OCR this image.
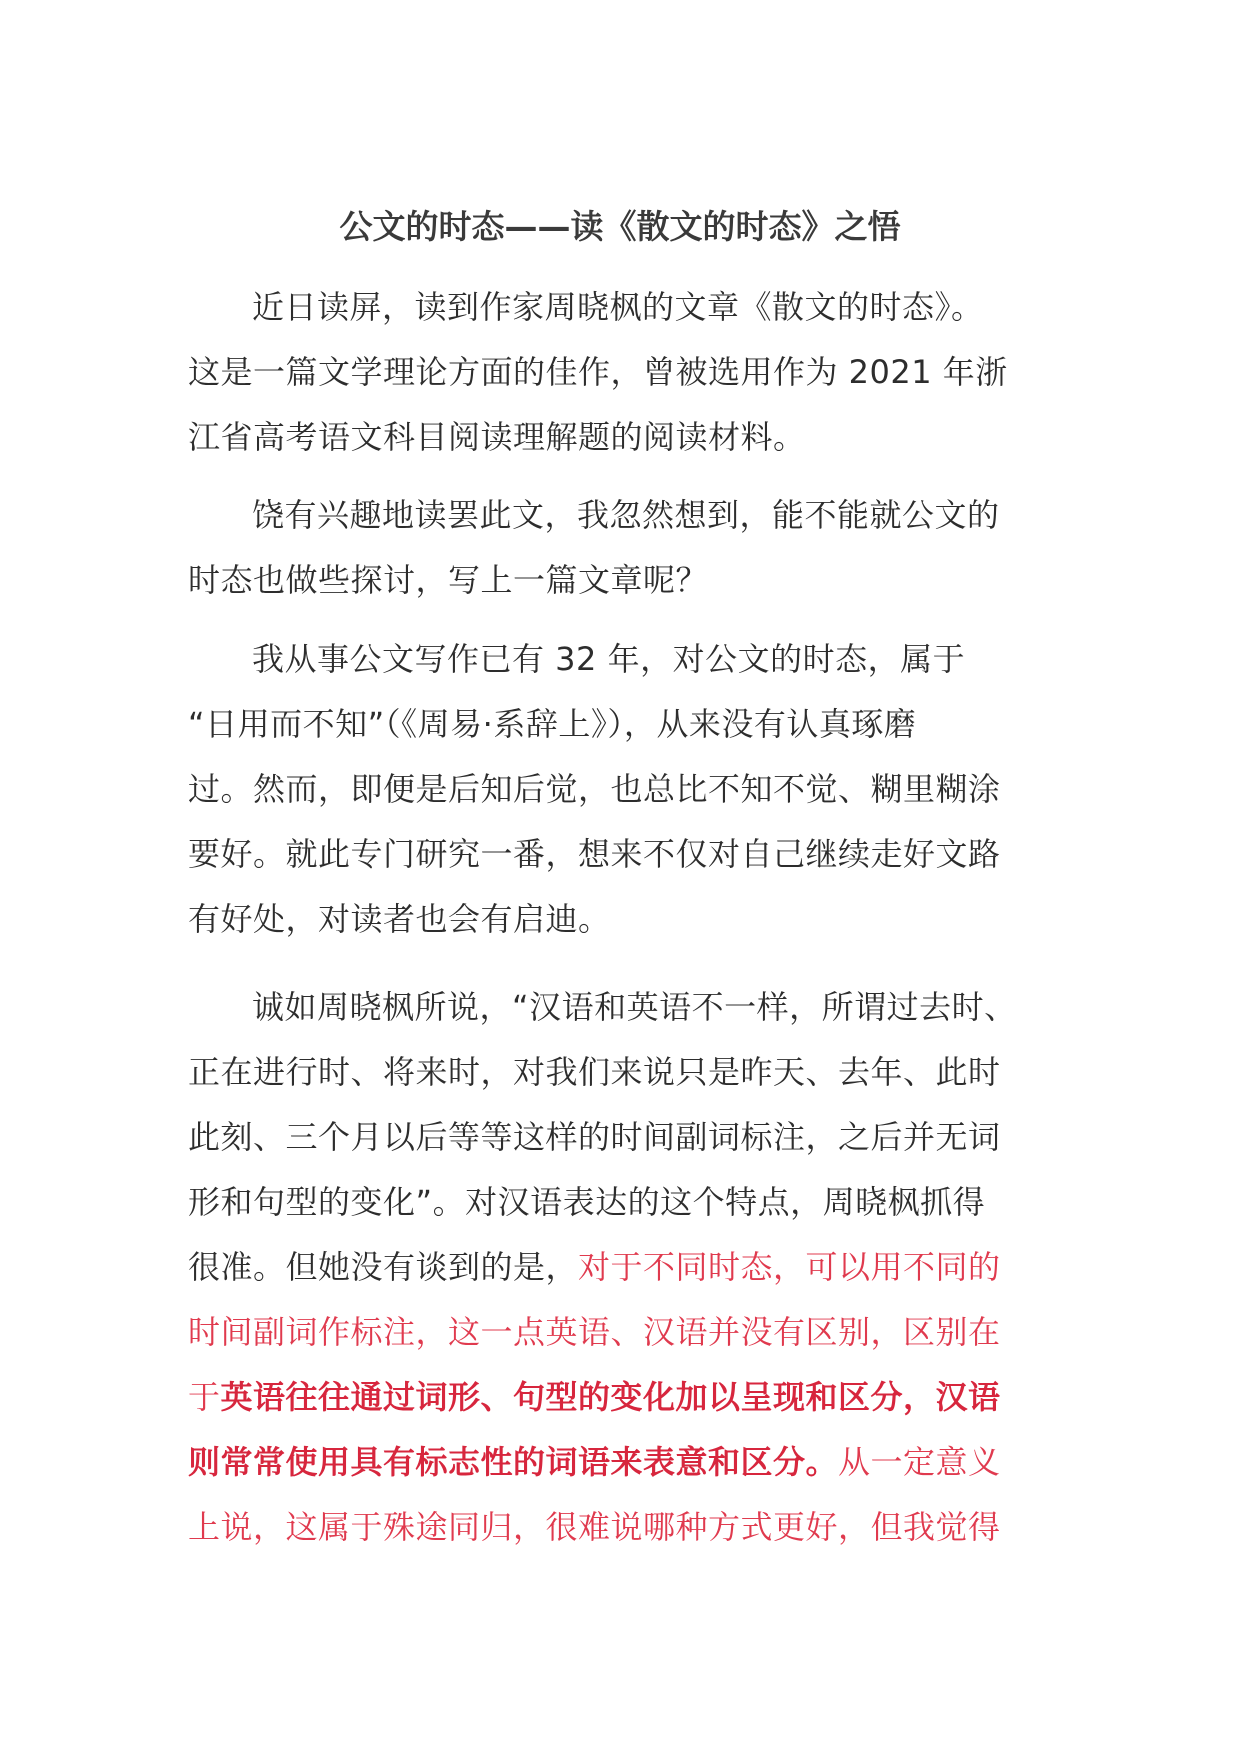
公文的时态——读《散文的时态》之悟
近日读屏，读到作家周晓枫的文章《散文的时态》。
这是一篇文学理论方面的佳作，曾被选用作为 2021 年浙
江省高考语文科目阅读理解题的阅读材料。
饶有兴趣地读罢此文，我忽然想到，能不能就公文的
时态也做些探讨，写上一篇文章呢？
我从事公文写作已有 32 年，对公文的时态，属于
“日用而不知”（《周易·系辞上》），从来没有认真琢磨
过。然而，即便是后知后觉，也总比不知不觉、糊里糊涂
要好。就此专门研究一番，想来不仅对自己继续走好文路
有好处，对读者也会有启迪。
诚如周晓枫所说，“汉语和英语不一样，所谓过去时、
正在进行时、将来时，对我们来说只是昨天、去年、此时
此刻、三个月以后等等这样的时间副词标注，之后并无词
形和句型的变化”。对汉语表达的这个特点，周晓枫抓得
很准。但她没有谈到的是，对于不同时态，可以用不同的
时间副词作标注，这一点英语、汉语并没有区别，区别在
于英语往往通过词形、句型的变化加以呈现和区分，汉语
则常常使用具有标志性的词语来表意和区分。从一定意义
上说，这属于殊途同归，很难说哪种方式更好，但我觉得
